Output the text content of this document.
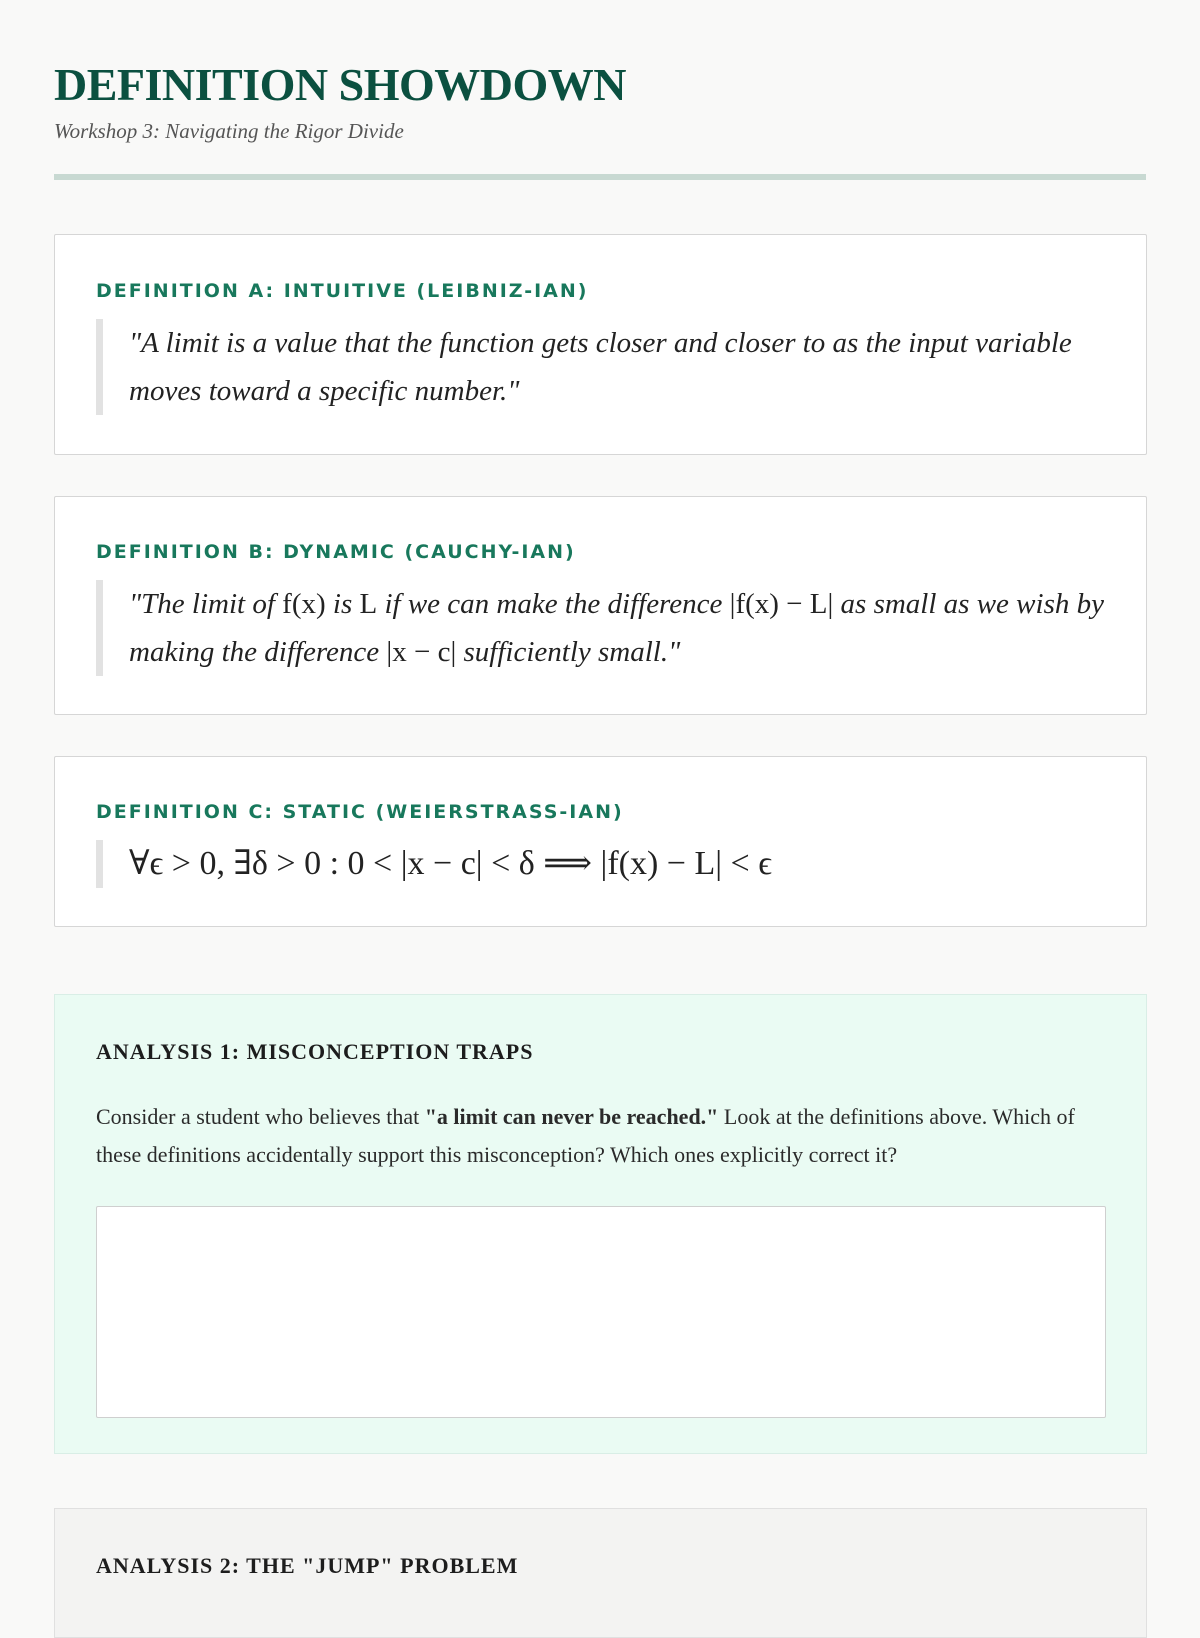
DEFINITION SHOWDOWN

Workshop 3: Navigating the Rigor Divide

DEFINITION A: INTUITIVE (LEIBNIZ-IAN)
"A limit is a value that the function gets closer and closer to as the input variable moves toward a specific number."
DEFINITION B: DYNAMIC (CAUCHY-IAN)
"The limit of f(x) is L if we can make the difference |f(x) − L| as small as we wish by making the difference |x − c| sufficiently small."
DEFINITION C: STATIC (WEIERSTRASS-IAN)
∀ϵ > 0, ∃δ > 0 : 0 < |x − c| < δ ⟹ |f(x) − L| < ϵ
ANALYSIS 1: MISCONCEPTION TRAPS

Consider a student who believes that "a limit can never be reached." Look at the definitions above. Which of these definitions accidentally support this misconception? Which ones explicitly correct it?

ANALYSIS 2: THE "JUMP" PROBLEM
